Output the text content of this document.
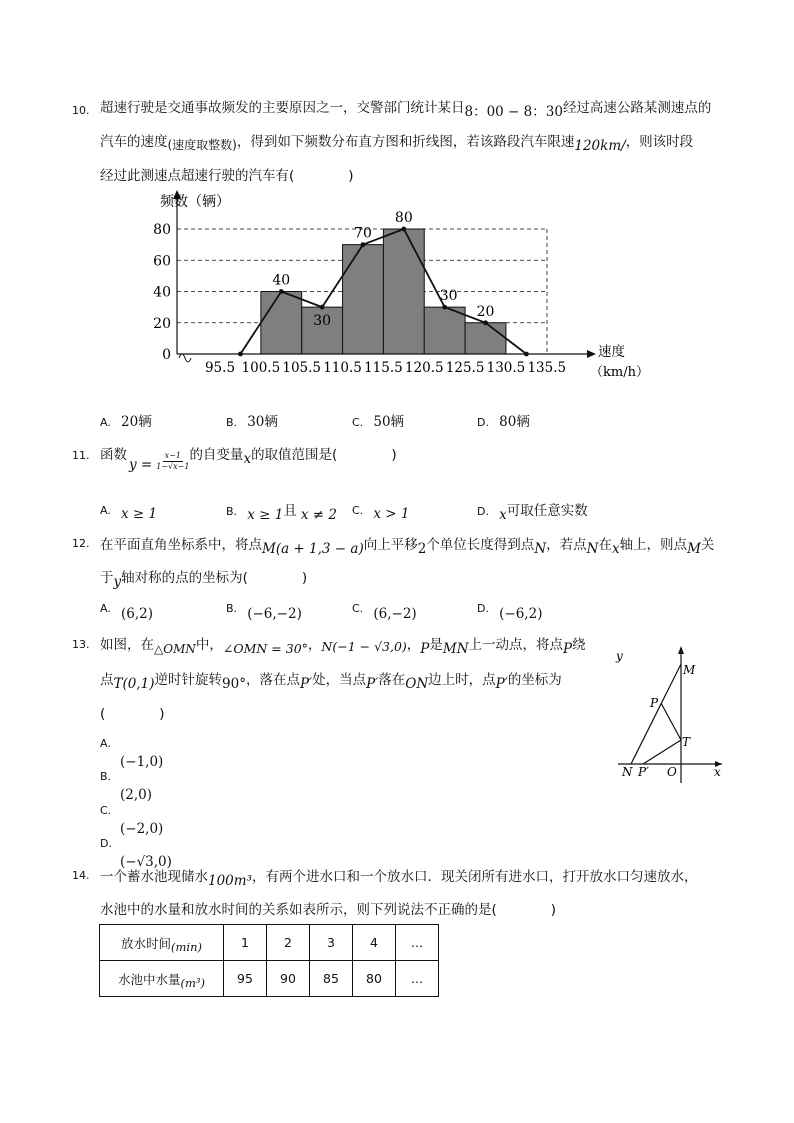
10. 超速行驶是交通事故频发的主要原因之一，交警部门统计某日8：00 − 8：30经过高速公路某测速点的
汽车的速度(速度取整数)，得到如下频数分布直方图和折线图，若该路段汽车限速120km/，则该时段
经过此测速点超速行驶的汽车有(　　　　)
0
20
40
60
80
频数（辆）
95.5 100.5 105.5 110.5 115.5 120.5 125.5 130.5 135.5
速度
（km/h）
40
30
70
80
30
20
A. 20辆	B. 30辆	C. 50辆	D. 80辆
11. 函数$y = \frac{x-1}{1-√x-1}$ 的自变量x的取值范围是(　　　　)
A. $_{x \ge 1}$	B. $_{x \ge 1}$且 $_{x \ne 2}$ C. $_{x > 1}$	D. $_x$可取任意实数
12. 在平面直角坐标系中，将点M(a + 1,3 − a)向上平移2个单位长度得到点N，若点N在x轴上，则点M关
于y轴对称的点的坐标为(　　　　)
$^{A.}$ (6,2)	$^{B.}$ (−6,−2)	$^{C.}$ (6,−2)	$^{D.}$ (−6,2)
13. 如图，在△OMN中，∠OMN = 30°，N(−1 − √3,0)，P是MN上一动点，将点P绕
点T(0,1)逆时针旋转90°，落在点P′处，当点P′落在ON边上时，点P′的坐标为
(　　　　)
A.
(−1,0)
B.
(2,0)
C.
(−2,0)
D.
(−√3,0)
y
x
M
P
T
N P′ O
14. 一个蓄水池现储水100m³，有两个进水口和一个放水口．现关闭所有进水口，打开放水口匀速放水，
水池中的水量和放水时间的关系如表所示，则下列说法不正确的是(　　　　)
放水时间(min)	1	2	3	4	…
水池中水量(m³)	95	90	85	80	…
